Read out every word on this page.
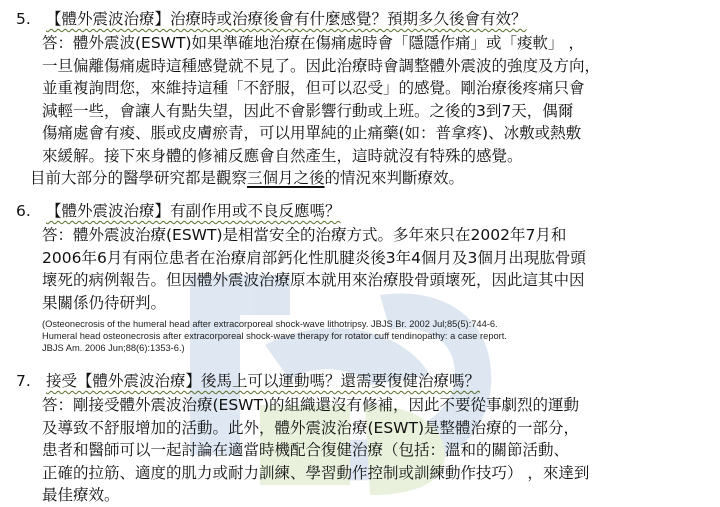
5. 【體外震波治療】治療時或治療後會有什麼感覺？預期多久後會有效？
答：體外震波(ESWT)如果準確地治療在傷痛處時會「隱隱作痛」或「痠軟」 ，
一旦偏離傷痛處時這種感覺就不見了。因此治療時會調整體外震波的強度及方向，
並重複詢問您，來維持這種「不舒服，但可以忍受」的感覺。剛治療後疼痛只會
減輕一些，會讓人有點失望，因此不會影響行動或上班。之後的3到7天，偶爾
傷痛處會有痠、脹或皮膚瘀青，可以用單純的止痛藥(如：普拿疼)、冰敷或熱敷
來緩解。接下來身體的修補反應會自然產生，這時就沒有特殊的感覺。
目前大部分的醫學研究都是觀察三個月之後的情況來判斷療效。
6. 【體外震波治療】有副作用或不良反應嗎？
答：體外震波治療(ESWT)是相當安全的治療方式。多年來只在2002年7月和
2006年6月有兩位患者在治療肩部鈣化性肌腱炎後3年4個月及3個月出現肱骨頭
壞死的病例報告。但因體外震波治療原本就用來治療股骨頭壞死，因此這其中因
果關係仍待研判。
(Osteonecrosis of the humeral head after extracorporeal shock-wave lithotripsy. JBJS Br. 2002 Jul;85(5):744-6.
Humeral head osteonecrosis after extracorporeal shock-wave therapy for rotator cuff tendinopathy: a case report.
JBJS Am. 2006 Jun;88(6):1353-6.)
7. 接受【體外震波治療】後馬上可以運動嗎？還需要復健治療嗎？
答：剛接受體外震波治療(ESWT)的組織還沒有修補，因此不要從事劇烈的運動
及導致不舒服增加的活動。此外，體外震波治療(ESWT)是整體治療的一部分，
患者和醫師可以一起討論在適當時機配合復健治療（包括：溫和的關節活動、
正確的拉筋、適度的肌力或耐力訓練、學習動作控制或訓練動作技巧） ，來達到
最佳療效。
